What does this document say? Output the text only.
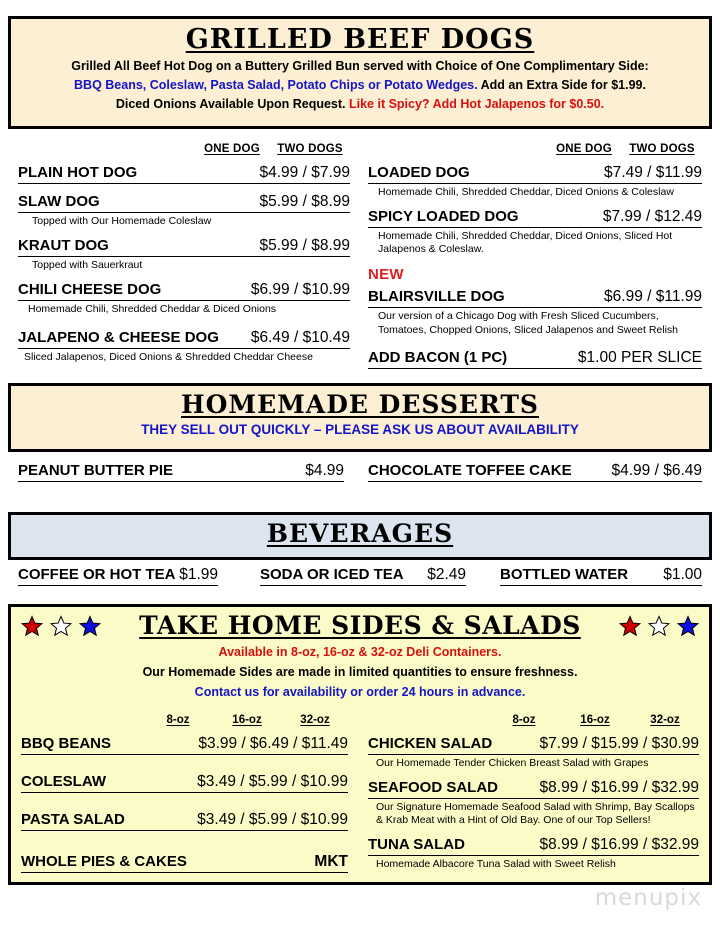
GRILLED BEEF DOGS
Grilled All Beef Hot Dog on a Buttery Grilled Bun served with Choice of One Complimentary Side:
BBQ Beans, Coleslaw, Pasta Salad, Potato Chips or Potato Wedges. Add an Extra Side for $1.99.
Diced Onions Available Upon Request. Like it Spicy? Add Hot Jalapenos for $0.50.
ONE DOG	TWO DOGS
PLAIN HOT DOG	$4.99 / $7.99
SLAW DOG	$5.99 / $8.99
Topped with Our Homemade Coleslaw
KRAUT DOG	$5.99 / $8.99
Topped with Sauerkraut
CHILI CHEESE DOG	$6.99 / $10.99
Homemade Chili, Shredded Cheddar & Diced Onions
JALAPENO & CHEESE DOG $6.49 / $10.49
Sliced Jalapenos, Diced Onions & Shredded Cheddar Cheese
ONE DOG	TWO DOGS
LOADED DOG	$7.49 / $11.99
Homemade Chili, Shredded Cheddar, Diced Onions & Coleslaw
SPICY LOADED DOG	$7.99 / $12.49
Homemade Chili, Shredded Cheddar, Diced Onions, Sliced Hot Jalapenos & Coleslaw.
NEW
BLAIRSVILLE DOG	$6.99 / $11.99
Our version of a Chicago Dog with Fresh Sliced Cucumbers, Tomatoes, Chopped Onions, Sliced Jalapenos and Sweet Relish
ADD BACON (1 PC)	$1.00 PER SLICE
HOMEMADE DESSERTS
THEY SELL OUT QUICKLY – PLEASE ASK US ABOUT AVAILABILITY
PEANUT BUTTER PIE	$4.99 CHOCOLATE TOFFEE CAKE	$4.99 / $6.49
BEVERAGES
COFFEE OR HOT TEA $1.99	SODA OR ICED TEA $2.49 BOTTLED WATER $1.00
TAKE HOME SIDES & SALADS
Available in 8-oz, 16-oz & 32-oz Deli Containers.
Our Homemade Sides are made in limited quantities to ensure freshness.
Contact us for availability or order 24 hours in advance.
8-oz	16-oz	32-oz
BBQ BEANS	$3.99 / $6.49 / $11.49
COLESLAW	$3.49 / $5.99 / $10.99
PASTA SALAD	$3.49 / $5.99 / $10.99
WHOLE PIES & CAKES	MKT
8-oz	16-oz	32-oz
CHICKEN SALAD	$7.99 / $15.99 / $30.99
Our Homemade Tender Chicken Breast Salad with Grapes
SEAFOOD SALAD	$8.99 / $16.99 / $32.99
Our Signature Homemade Seafood Salad with Shrimp, Bay Scallops & Krab Meat with a Hint of Old Bay. One of our Top Sellers!
TUNA SALAD	$8.99 / $16.99 / $32.99
Homemade Albacore Tuna Salad with Sweet Relish
menupix
